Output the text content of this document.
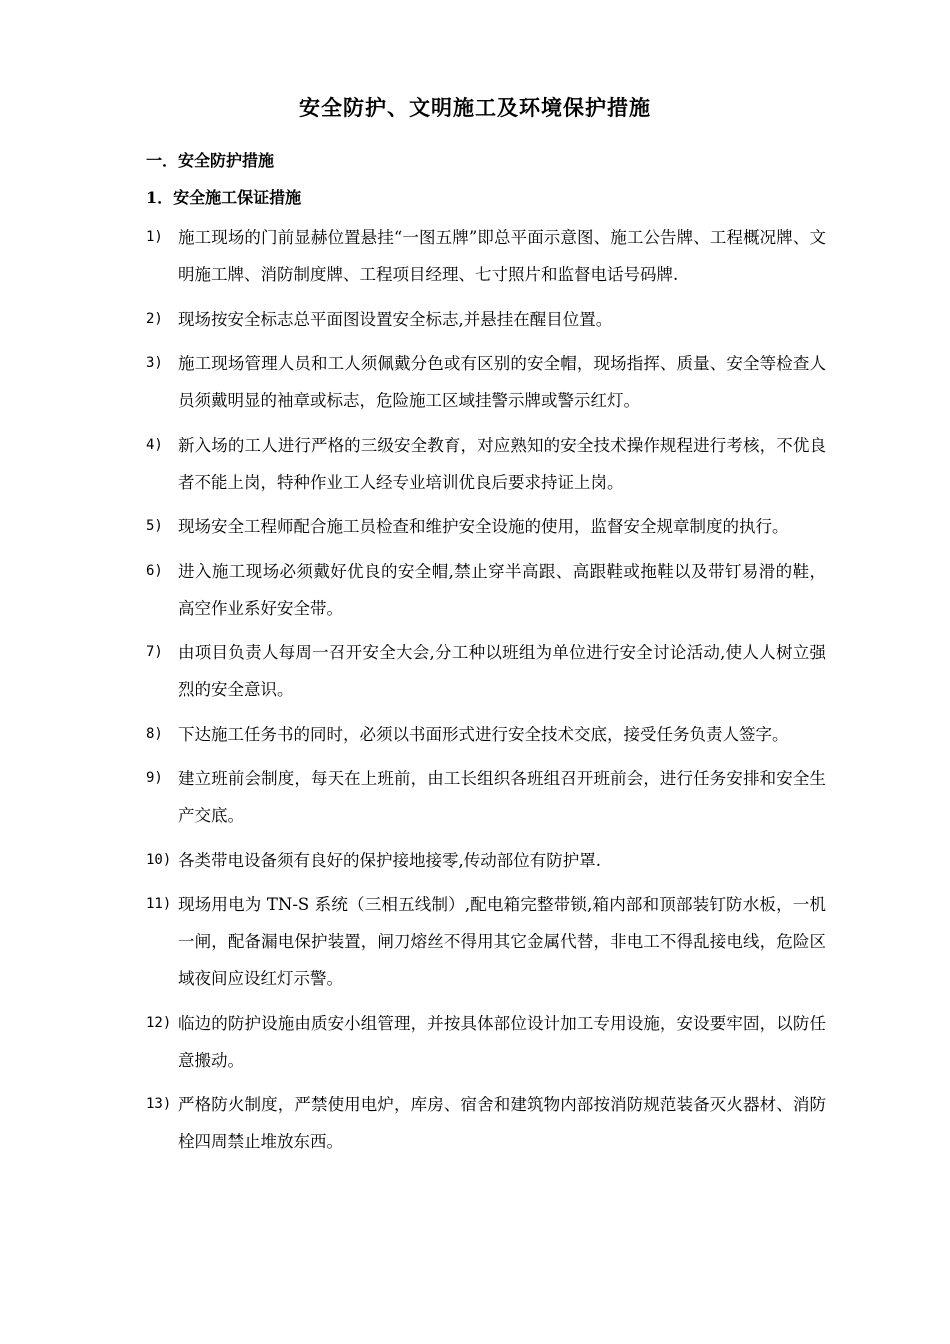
安全防护、文明施工及环境保护措施
一．安全防护措施
1．安全施工保证措施
1) 施工现场的门前显赫位置悬挂“一图五牌”即总平面示意图、施工公告牌、工程概况牌、文明施工牌、消防制度牌、工程项目经理、七寸照片和监督电话号码牌.
2) 现场按安全标志总平面图设置安全标志,并悬挂在醒目位置。
3) 施工现场管理人员和工人须佩戴分色或有区别的安全帽，现场指挥、质量、安全等检查人员须戴明显的袖章或标志，危险施工区域挂警示牌或警示红灯。
4) 新入场的工人进行严格的三级安全教育，对应熟知的安全技术操作规程进行考核，不优良者不能上岗，特种作业工人经专业培训优良后要求持证上岗。
5) 现场安全工程师配合施工员检查和维护安全设施的使用，监督安全规章制度的执行。
6) 进入施工现场必须戴好优良的安全帽,禁止穿半高跟、高跟鞋或拖鞋以及带钉易滑的鞋，高空作业系好安全带。
7) 由项目负责人每周一召开安全大会,分工种以班组为单位进行安全讨论活动,使人人树立强烈的安全意识。
8) 下达施工任务书的同时，必须以书面形式进行安全技术交底，接受任务负责人签字。
9) 建立班前会制度，每天在上班前，由工长组织各班组召开班前会，进行任务安排和安全生产交底。
10) 各类带电设备须有良好的保护接地接零,传动部位有防护罩.
11) 现场用电为 TN-S 系统（三相五线制）,配电箱完整带锁,箱内部和顶部装钉防水板，一机一闸，配备漏电保护装置，闸刀熔丝不得用其它金属代替，非电工不得乱接电线，危险区域夜间应设红灯示警。
12) 临边的防护设施由质安小组管理，并按具体部位设计加工专用设施，安设要牢固，以防任意搬动。
13) 严格防火制度，严禁使用电炉，库房、宿舍和建筑物内部按消防规范装备灭火器材、消防栓四周禁止堆放东西。
